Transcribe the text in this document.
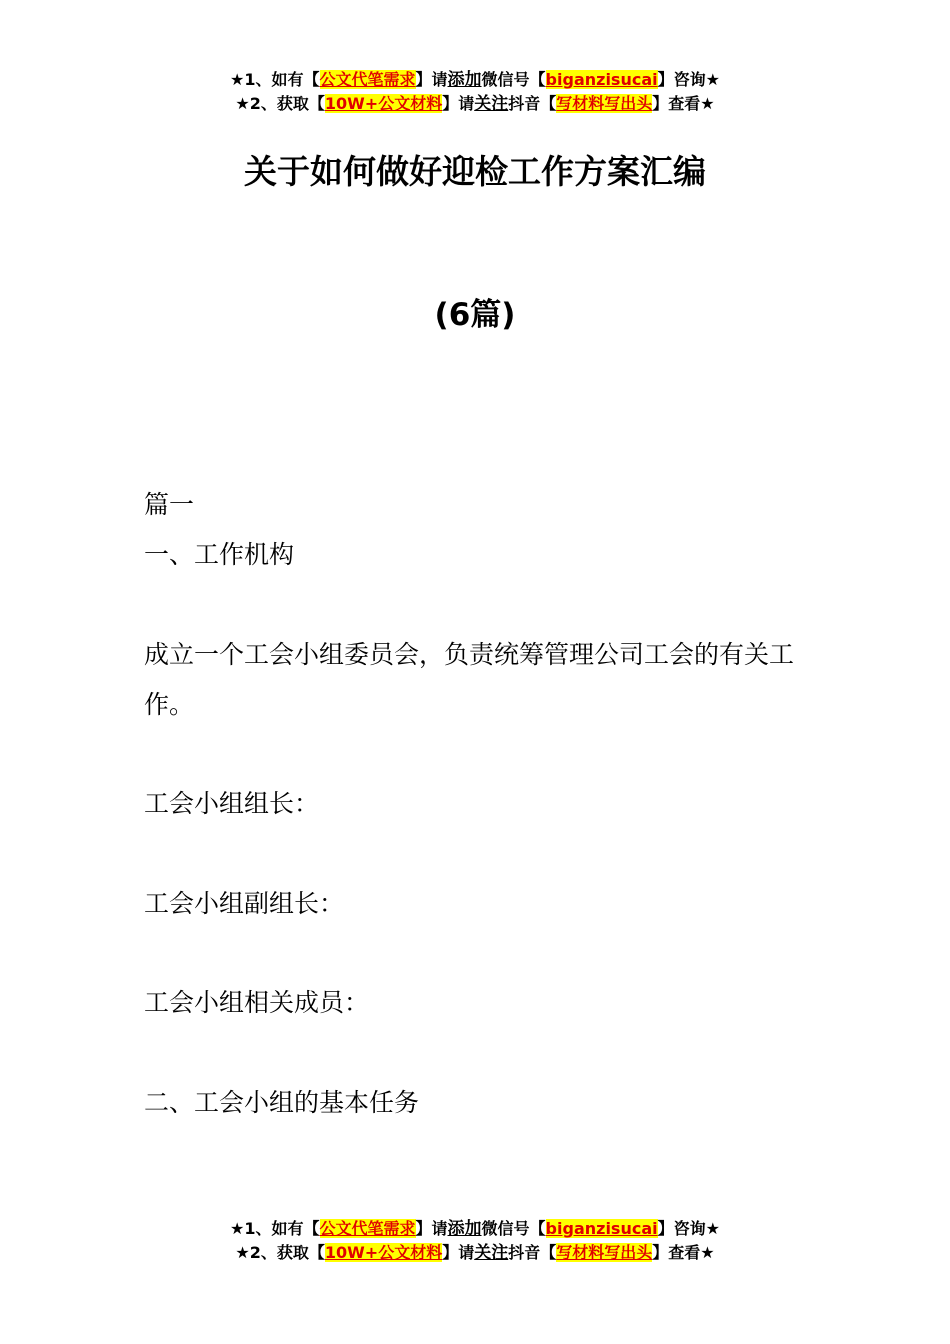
★1、如有【公文代笔需求】请添加微信号【biganzisucai】咨询★
★2、获取【10W+公文材料】请关注抖音【写材料写出头】查看★
关于如何做好迎检工作方案汇编
(6篇)
篇一
一、工作机构
成立一个工会小组委员会，负责统筹管理公司工会的有关工作。
工会小组组长：
工会小组副组长：
工会小组相关成员：
二、工会小组的基本任务
★1、如有【公文代笔需求】请添加微信号【biganzisucai】咨询★
★2、获取【10W+公文材料】请关注抖音【写材料写出头】查看★
